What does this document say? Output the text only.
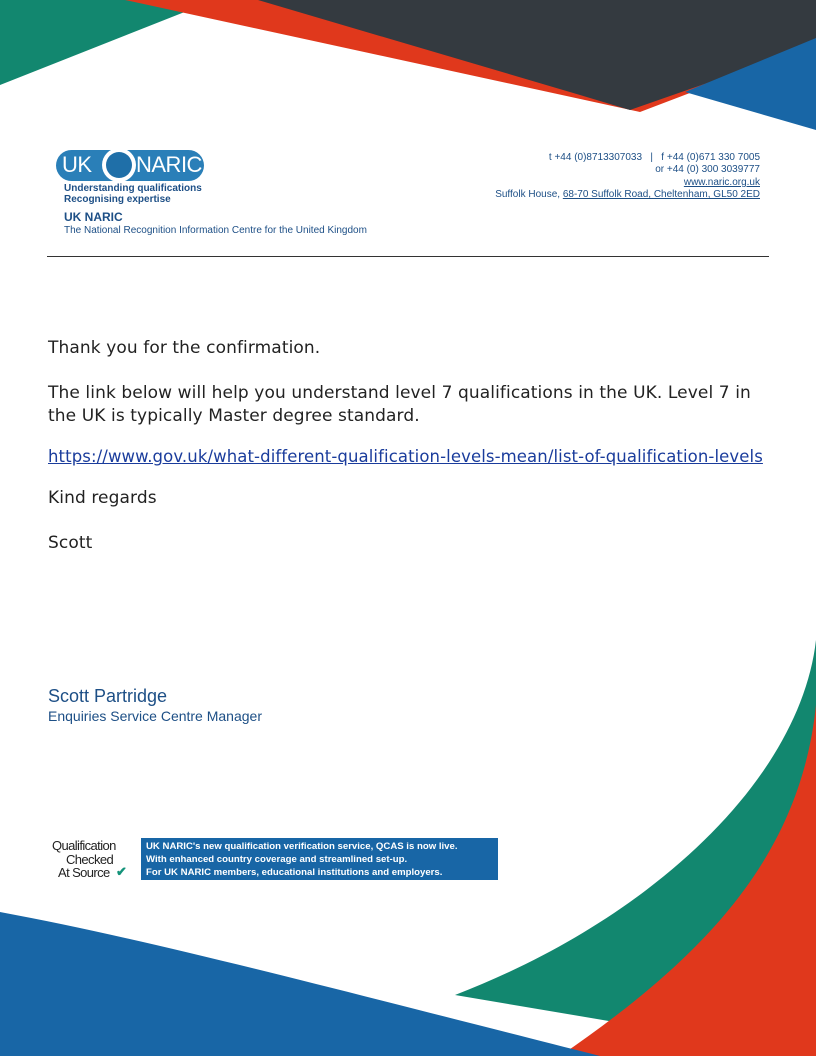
UK NARIC
Understanding qualifications
Recognising expertise
UK NARIC
The National Recognition Information Centre for the United Kingdom
t +44 (0)8713307033   |   f +44 (0)671 330 7005
or +44 (0) 300 3039777
www.naric.org.uk
Suffolk House, 68-70 Suffolk Road, Cheltenham, GL50 2ED
Thank you for the confirmation.
The link below will help you understand level 7 qualifications in the UK. Level 7 in the UK is typically Master degree standard.
https://www.gov.uk/what-different-qualification-levels-mean/list-of-qualification-levels
Kind regards
Scott
Scott Partridge
Enquiries Service Centre Manager
Qualification
Checked
At Source ✔
UK NARIC's new qualification verification service, QCAS is now live.
With enhanced country coverage and streamlined set-up.
For UK NARIC members, educational institutions and employers.
